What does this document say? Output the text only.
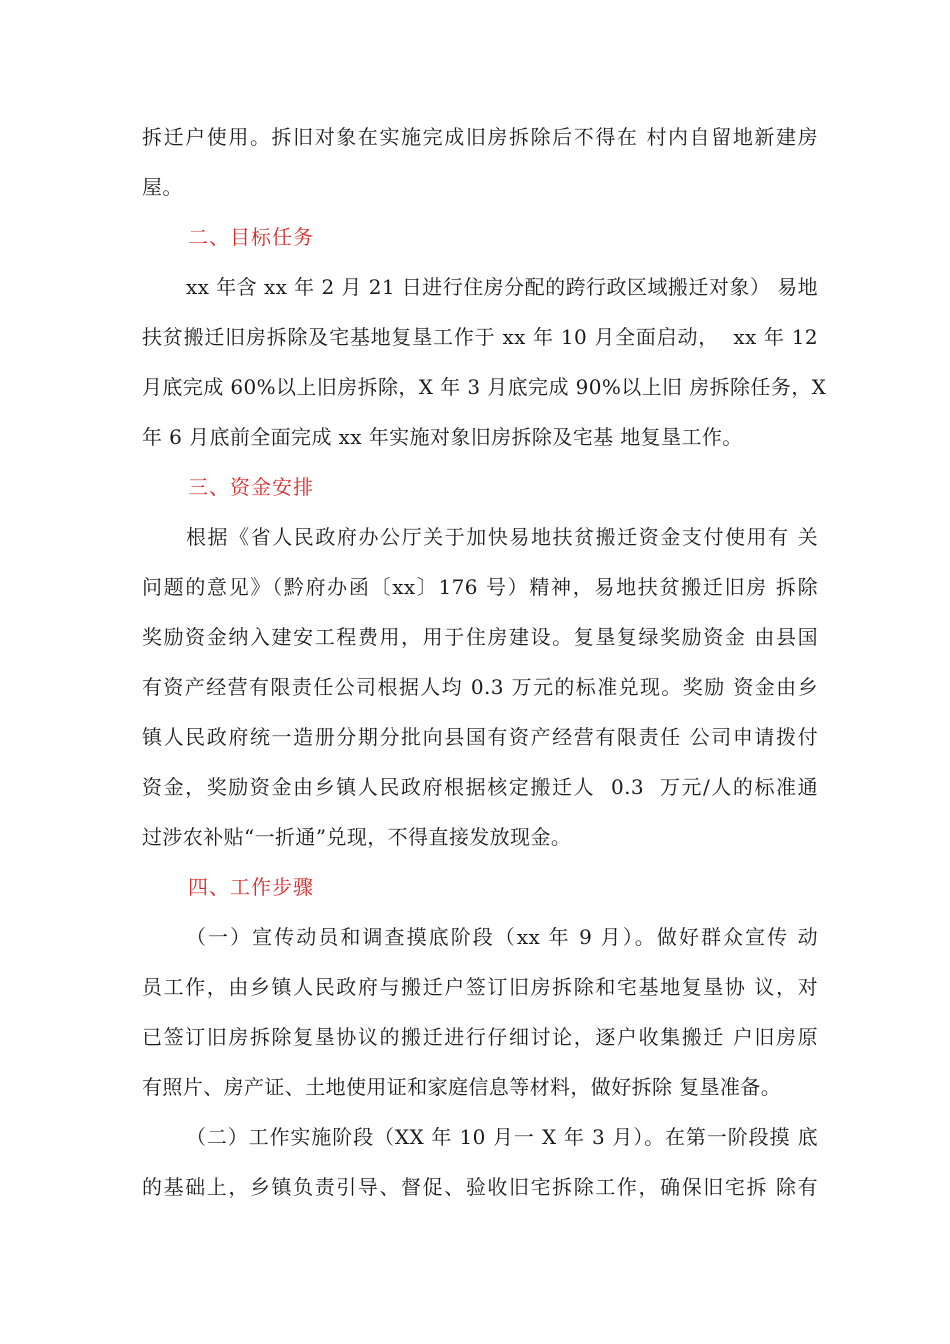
拆迁户使用。拆旧对象在实施完成旧房拆除后不得在 村内自留地新建房
屋。
二、目标任务
xx 年含 xx 年 2 月 21 日进行住房分配的跨行政区域搬迁对象） 易地
扶贫搬迁旧房拆除及宅基地复垦工作于 xx 年 10 月全面启动，  xx 年 12
月底完成 60%以上旧房拆除，X 年 3 月底完成 90%以上旧 房拆除任务，X
年 6 月底前全面完成 xx 年实施对象旧房拆除及宅基 地复垦工作。
三、资金安排
根据《省人民政府办公厅关于加快易地扶贫搬迁资金支付使用有 关
问题的意见》（黔府办函〔xx〕176 号）精神，易地扶贫搬迁旧房 拆除
奖励资金纳入建安工程费用，用于住房建设。复垦复绿奖励资金 由县国
有资产经营有限责任公司根据人均 0.3 万元的标准兑现。奖励 资金由乡
镇人民政府统一造册分期分批向县国有资产经营有限责任 公司申请拨付
资金，奖励资金由乡镇人民政府根据核定搬迁人  0.3  万元/人的标准通
过涉农补贴“一折通”兑现，不得直接发放现金。
四、工作步骤
（一）宣传动员和调查摸底阶段（xx 年 9 月）。做好群众宣传 动
员工作，由乡镇人民政府与搬迁户签订旧房拆除和宅基地复垦协 议，对
已签订旧房拆除复垦协议的搬迁进行仔细讨论，逐户收集搬迁 户旧房原
有照片、房产证、土地使用证和家庭信息等材料，做好拆除 复垦准备。
（二）工作实施阶段（XX 年 10 月一 X 年 3 月）。在第一阶段摸 底
的基础上，乡镇负责引导、督促、验收旧宅拆除工作，确保旧宅拆 除有
